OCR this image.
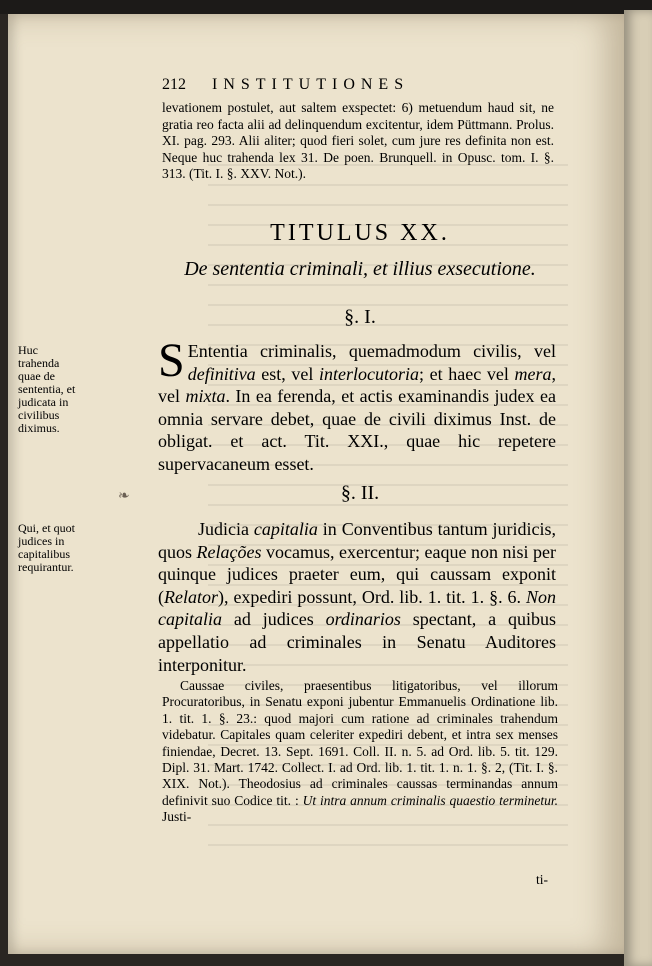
212 INSTITUTIONES
levationem postulet, aut saltem exspectet: 6) metuendum haud sit, ne gratia reo facta alii ad delinquendum excitentur, idem Püttmann. Prolus. XI. pag. 293. Alii aliter; quod fieri solet, cum jure res definita non est. Neque huc trahenda lex 31. De poen. Brunquell. in Opusc. tom. I. §. 313. (Tit. I. §. XXV. Not.).
TITULUS XX.
De sententia criminali, et illius exsecutione.
§. I.
Huc trahenda quae de sententia, et judicata in civilibus diximus.

S Ententia criminalis, quemadmodum civilis, vel definitiva est, vel interlocutoria; et haec vel mera, vel mixta. In ea ferenda, et actis examinandis judex ea omnia servare debet, quae de civili diximus Inst. de obligat. et act. Tit. XXI., quae hic repetere supervacaneum esset.

❧	§. II.
Qui, et quot judices in capitalibus requirantur.

Judicia capitalia in Conventibus tantum juridicis, quos Relações vocamus, exercentur; eaque non nisi per quinque judices praeter eum, qui caussam exponit (Relator), expediri possunt, Ord. lib. 1. tit. 1. §. 6. Non capitalia ad judices ordinarios spectant, a quibus appellatio ad criminales in Senatu Auditores interponitur.

Caussae civiles, praesentibus litigatoribus, vel illorum Procuratoribus, in Senatu exponi jubentur Emmanuelis Ordinatione lib. 1. tit. 1. §. 23.: quod majori cum ratione ad criminales trahendum videbatur. Capitales quam celeriter expediri debent, et intra sex menses finiendae, Decret. 13. Sept. 1691. Coll. II. n. 5. ad Ord. lib. 5. tit. 129. Dipl. 31. Mart. 1742. Collect. I. ad Ord. lib. 1. tit. 1. n. 1. §. 2, (Tit. I. §. XIX. Not.). Theodosius ad criminales caussas terminandas annum definivit suo Codice tit. : Ut intra annum criminalis quaestio terminetur. Justi-

ti-
